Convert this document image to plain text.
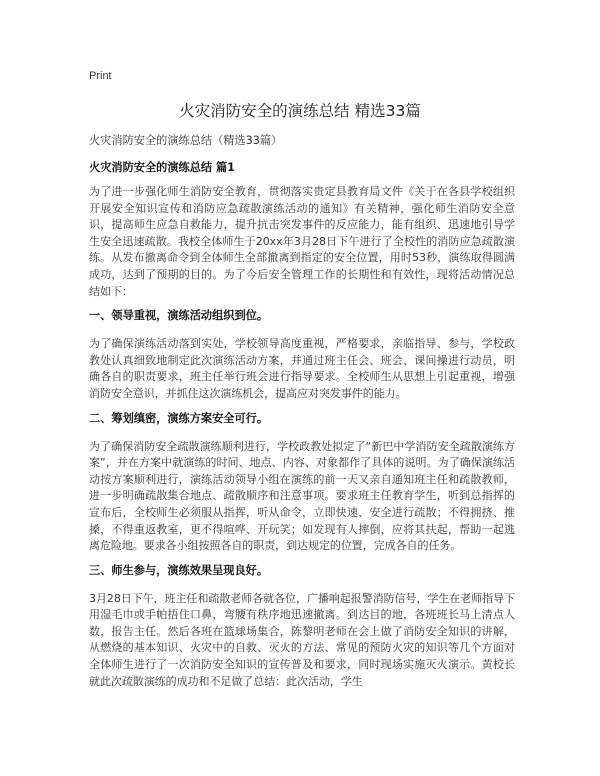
Print
火灾消防安全的演练总结 精选33篇
火灾消防安全的演练总结（精选33篇）
火灾消防安全的演练总结 篇1

为了进一步强化师生消防安全教育，贯彻落实贵定县教育局文件《关于在各县学校组织开展安全知识宣传和消防应急疏散演练活动的通知》有关精神，强化师生消防安全意识，提高师生应急自救能力，提升抗击突发事件的反应能力，能有组织、迅速地引导学生安全迅速疏散。我校全体师生于20xx年3月28日下午进行了全校性的消防应急疏散演练。从发布撤离命令到全体师生全部撤离到指定的安全位置，用时53秒，演练取得圆满成功，达到了预期的目的。为了今后安全管理工作的长期性和有效性，现将活动情况总结如下：

一、领导重视，演练活动组织到位。

为了确保演练活动落到实处，学校领导高度重视，严格要求，亲临指导、参与，学校政教处认真细致地制定此次演练活动方案，并通过班主任会、班会、课间操进行动员，明确各自的职责要求，班主任举行班会进行指导要求。全校师生从思想上引起重视，增强消防安全意识，并抓住这次演练机会，提高应对突发事件的能力。

二、筹划缜密，演练方案安全可行。

为了确保消防安全疏散演练顺利进行，学校政教处拟定了“新巴中学消防安全疏散演练方案”，并在方案中就演练的时间、地点、内容、对象都作了具体的说明。为了确保演练活动按方案顺利进行，演练活动领导小组在演练的前一天又亲自通知班主任和疏散教师，进一步明确疏散集合地点、疏散顺序和注意事项。要求班主任教育学生，听到总指挥的宣布后，全校师生必须服从指挥，听从命令，立即快速、安全进行疏散；不得拥挤、推搡，不得重返教室，更不得喧哗、开玩笑；如发现有人摔倒，应将其扶起，帮助一起逃离危险地。要求各小组按照各自的职责，到达规定的位置，完成各自的任务。

三、师生参与，演练效果呈现良好。

3月28日下午，班主任和疏散老师各就各位，广播响起报警消防信号，学生在老师指导下用湿毛巾或手帕捂住口鼻，弯腰有秩序地迅速撤离。到达目的地，各班班长马上清点人数，报告主任。然后各班在篮球场集合，陈黎明老师在会上做了消防安全知识的讲解，从燃烧的基本知识、火灾中的自救、灭火的方法、常见的预防火灾的知识等几个方面对全体师生进行了一次消防安全知识的宣传普及和要求，同时现场实施灭火演示。黄校长就此次疏散演练的成功和不足做了总结：此次活动，学生
